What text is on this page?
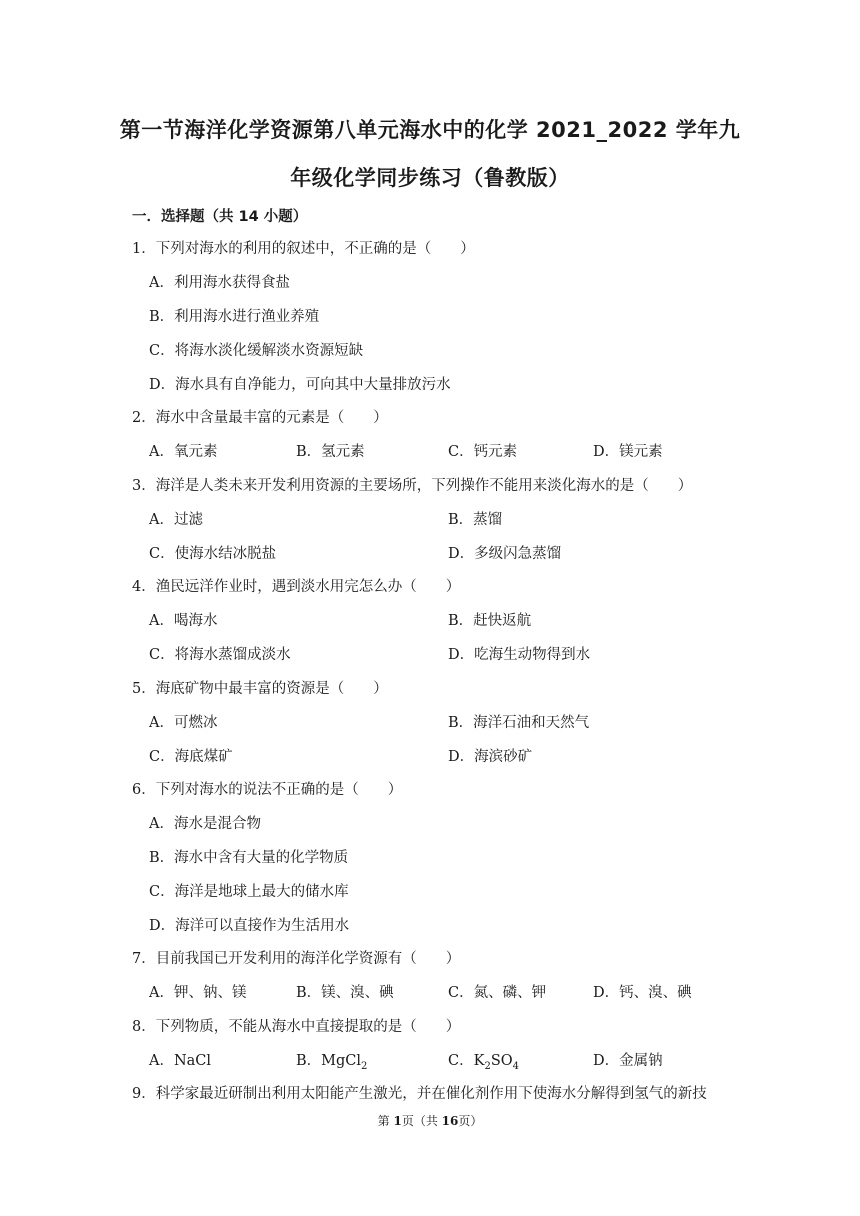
第一节海洋化学资源第八单元海水中的化学 2021_2022 学年九
年级化学同步练习（鲁教版）
一．选择题（共 14 小题）
1．下列对海水的利用的叙述中，不正确的是（　　）
A．利用海水获得食盐
B．利用海水进行渔业养殖
C．将海水淡化缓解淡水资源短缺
D．海水具有自净能力，可向其中大量排放污水
2．海水中含量最丰富的元素是（　　）
A．氧元素	B．氢元素	C．钙元素	D．镁元素
3．海洋是人类未来开发利用资源的主要场所，下列操作不能用来淡化海水的是（　　）
A．过滤	B．蒸馏
C．使海水结冰脱盐	D．多级闪急蒸馏
4．渔民远洋作业时，遇到淡水用完怎么办（　　）
A．喝海水	B．赶快返航
C．将海水蒸馏成淡水	D．吃海生动物得到水
5．海底矿物中最丰富的资源是（　　）
A．可燃冰	B．海洋石油和天然气
C．海底煤矿	D．海滨砂矿
6．下列对海水的说法不正确的是（　　）
A．海水是混合物
B．海水中含有大量的化学物质
C．海洋是地球上最大的储水库
D．海洋可以直接作为生活用水
7．目前我国已开发利用的海洋化学资源有（　　）
A．钾、钠、镁	B．镁、溴、碘	C．氮、磷、钾	D．钙、溴、碘
8．下列物质，不能从海水中直接提取的是（　　）
A．NaCl	B．MgCl$_2$	C．$K_2SO_4$	D．金属钠
9．科学家最近研制出利用太阳能产生激光，并在催化剂作用下使海水分解得到氢气的新技
第 1页（共 16页）
